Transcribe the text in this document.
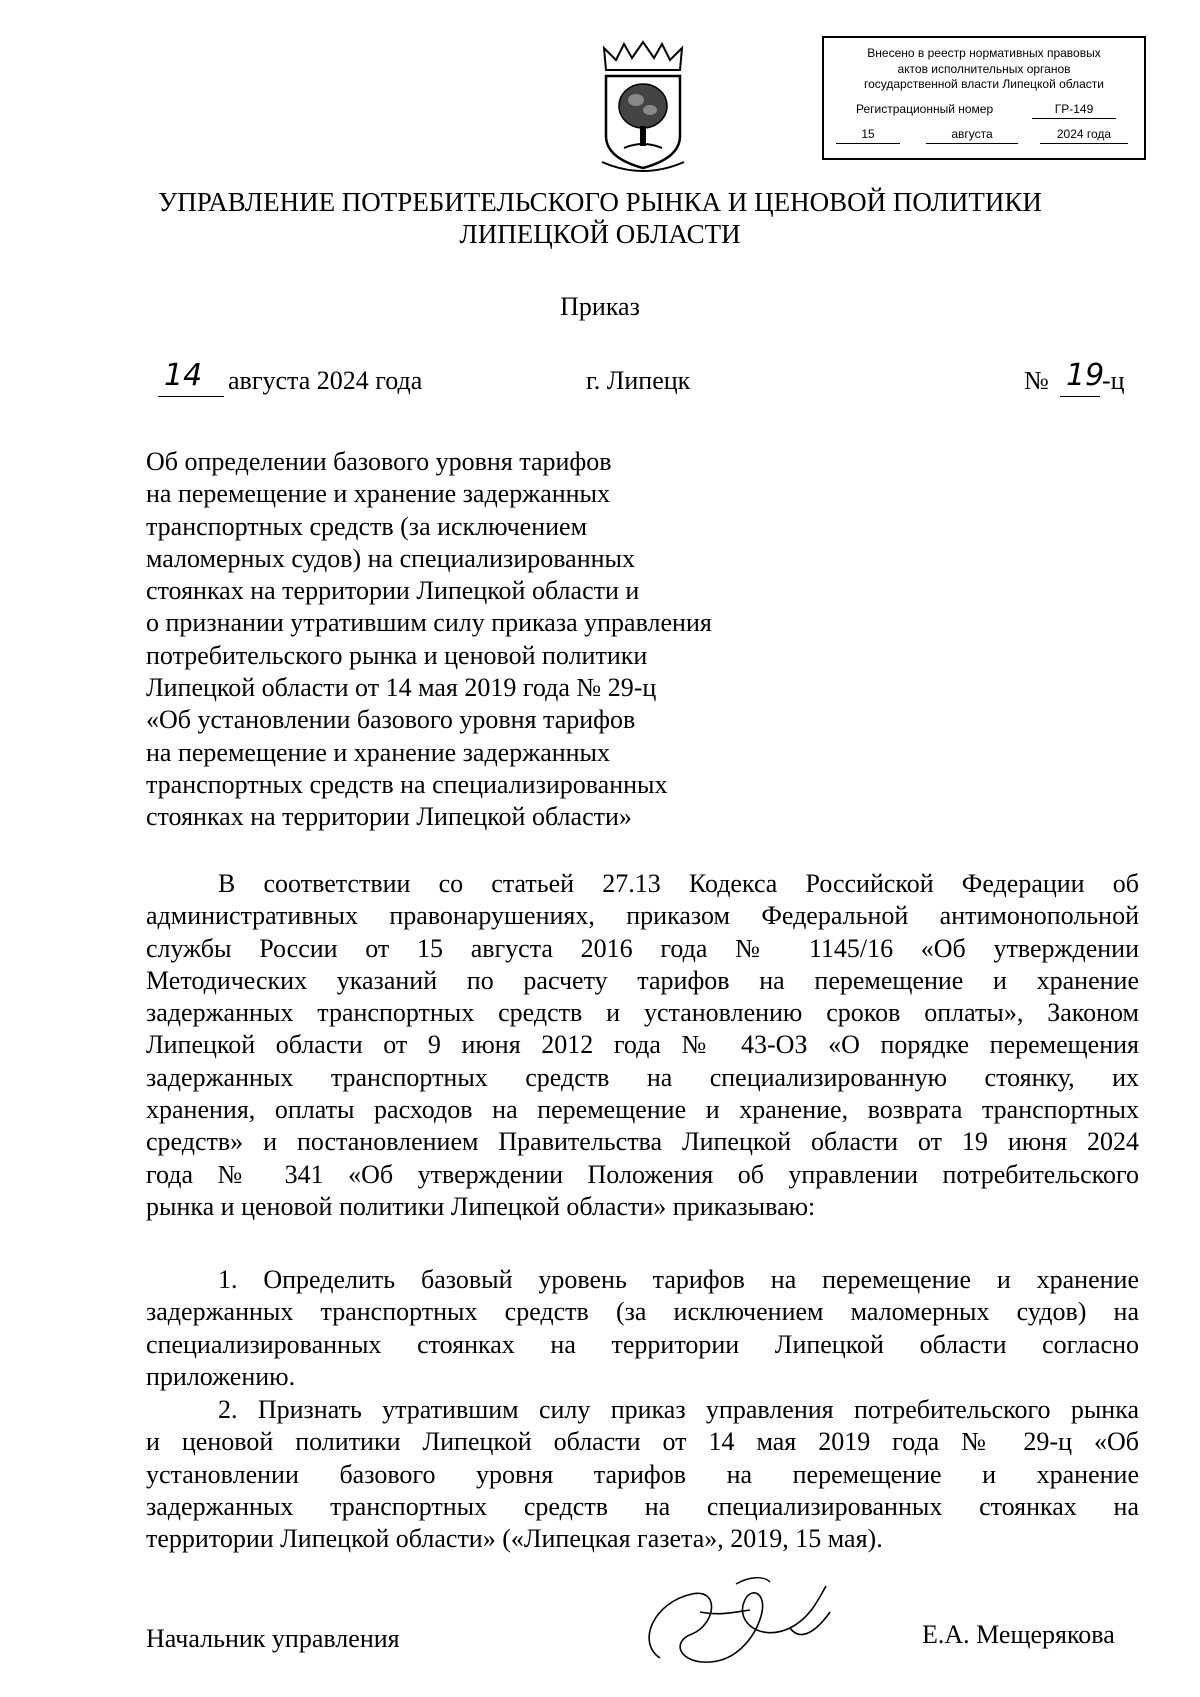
Внесено в реестр нормативных правовых
актов исполнительных органов
государственной власти Липецкой области
Регистрационный номер	ГР-149
15	августа	2024 года
УПРАВЛЕНИЕ ПОТРЕБИТЕЛЬСКОГО РЫНКА И ЦЕНОВОЙ ПОЛИТИКИ
ЛИПЕЦКОЙ ОБЛАСТИ
Приказ
14 августа 2024 года	г. Липецк	№ 19
-ц
Об определении базового уровня тарифов
на перемещение и хранение задержанных
транспортных средств (за исключением
маломерных судов) на специализированных
стоянках на территории Липецкой области и
о признании утратившим силу приказа управления
потребительского рынка и ценовой политики
Липецкой области от 14 мая 2019 года № 29-ц
«Об установлении базового уровня тарифов
на перемещение и хранение задержанных
транспортных средств на специализированных
стоянках на территории Липецкой области»
В соответствии со статьей 27.13 Кодекса Российской Федерации об
административных правонарушениях, приказом Федеральной антимонопольной
службы России от 15 августа 2016 года № 1145/16 «Об утверждении
Методических указаний по расчету тарифов на перемещение и хранение
задержанных транспортных средств и установлению сроков оплаты», Законом
Липецкой области от 9 июня 2012 года № 43-ОЗ «О порядке перемещения
задержанных транспортных средств на специализированную стоянку, их
хранения, оплаты расходов на перемещение и хранение, возврата транспортных
средств» и постановлением Правительства Липецкой области от 19 июня 2024
года № 341 «Об утверждении Положения об управлении потребительского
рынка и ценовой политики Липецкой области» приказываю:
1. Определить базовый уровень тарифов на перемещение и хранение
задержанных транспортных средств (за исключением маломерных судов) на
специализированных стоянках на территории Липецкой области согласно
приложению.
2. Признать утратившим силу приказ управления потребительского рынка
и ценовой политики Липецкой области от 14 мая 2019 года № 29-ц «Об
установлении базового уровня тарифов на перемещение и хранение
задержанных транспортных средств на специализированных стоянках на
территории Липецкой области» («Липецкая газета», 2019, 15 мая).
Начальник управления	Е.А. Мещерякова
